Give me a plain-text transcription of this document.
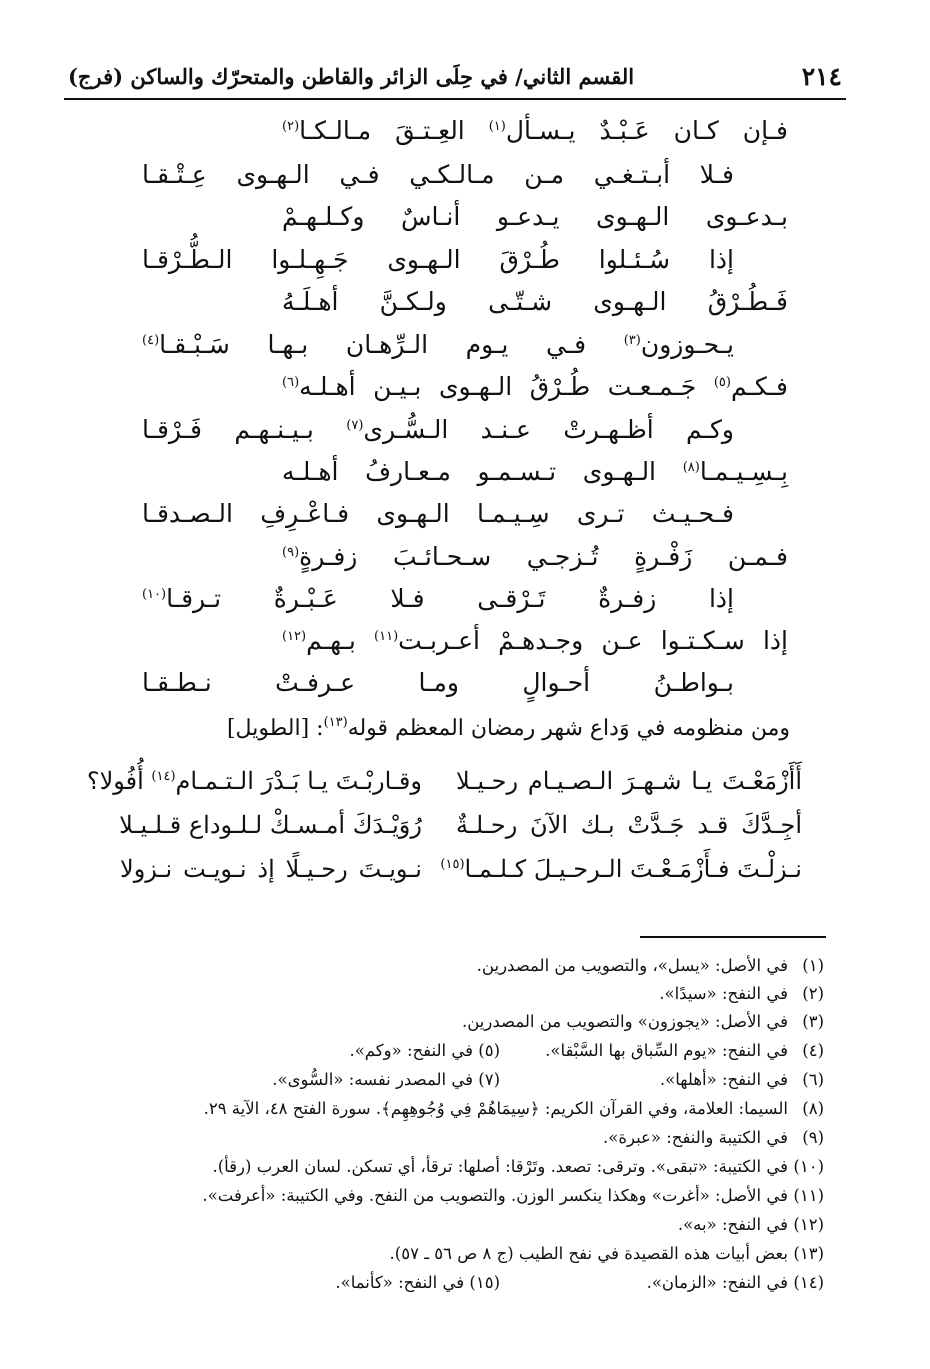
٢١٤
القسم الثاني/ في حِلَى الزائر والقاطن والمتحرّك والساكن (فرج)
فـإن كـان عَـبْـدٌ يـسـأل$^{(١)}$ العِـتـقَ مـالـكـا$^{(٢)}$
فـلا أبـتـغـي مـن مـالـكـي فـي الـهـوى عِـتْـقـا
بـدعـوى الـهـوى يـدعـو أنـاسٌ وكـلـهـمْ
إذا سُـئـلوا طُـرْقَ الـهـوى جَـهِـلـوا الـطُّـرْقـا
فَـطُـرْقُ الـهـوى شـتّـى ولـكـنَّ أهـلَـهُ
يـحـوزون$^{(٣)}$ فـي يـوم الـرِّهـان بـهـا سَـبْـقـا$^{(٤)}$
فـكـم$^{(٥)}$ جَـمـعـت طُـرْقُ الـهـوى بـيـن أهـلـه$^{(٦)}$
وكـم أظـهـرتْ عـنـد الـسُّـرى$^{(٧)}$ بـيـنـهـم فَـرْقـا
بِـسِـيـمـا$^{(٨)}$ الـهـوى تـسـمـو مـعـارفُ أهـلـه
فـحـيـث تـرى سِـيـمـا الـهـوى فـاعْـرِفِ الـصـدقـا
فـمـن زَفْـرةٍ تُـزجـي سـحـائـبَ زفـرةٍ$^{(٩)}$
إذا زفـرةٌ تَـرْقـى فـلا عَـبْـرةٌ تـرقـا$^{(١٠)}$
إذا سـكـتـوا عـن وجـدهـمْ أعـربـت$^{(١١)}$ بـهـم$^{(١٢)}$
بـواطـنُ أحـوالٍ ومـا عـرفـتْ نـطـقـا
ومن منظومه في وَداع شهر رمضان المعظم قوله$^{(١٣)}$: [الطويل]
أَأَزْمَعْـتَ يـا شـهـرَ الـصـيـام رحـيـلا
وقـاربْـتَ يـا بَـدْرَ الـتـمـام$^{(١٤)}$ أُفُولا؟
أجِـدَّكَ قـد جَـدَّتْ بـك الآنَ رحـلـةٌ
رُوَيْـدَكَ أمـسـكْ لـلـوداع قـلـيـلا
نـزلْـتَ فـأَزْمَـعْـتَ الـرحـيـلَ كـلـمـا$^{(١٥)}$
نـويـتَ رحـيـلًا إذ نـويـت نـزولا
(١)في الأصل: «يسل»، والتصويب من المصدرين.
(٢)في النفح: «سيدًا».
(٣)في الأصل: «يجوزون» والتصويب من المصدرين.
(٤)في النفح: «يوم السِّباق بها السَّبْقا».
(٥) في النفح: «وكم».
(٦)في النفح: «أهلها».
(٧) في المصدر نفسه: «السُّوى».
(٨)السيما: العلامة، وفي القرآن الكريم: ﴿سِيمَاهُمْ فِي وُجُوهِهِم﴾. سورة الفتح ٤٨، الآية ٢٩.
(٩)في الكتيبة والنفح: «عبرة».
(١٠)في الكتيبة: «تبقى». وترقى: تصعد. وتَرْقا: أصلها: ترقأ، أي تسكن. لسان العرب (رقأ).
(١١)في الأصل: «أغرت» وهكذا ينكسر الوزن. والتصويب من النفح. وفي الكتيبة: «أعرفت».
(١٢)في النفح: «به».
(١٣)بعض أبيات هذه القصيدة في نفح الطيب (ج ٨ ص ٥٦ ـ ٥٧).
(١٤)في النفح: «الزمان».
(١٥) في النفح: «كأنما».
